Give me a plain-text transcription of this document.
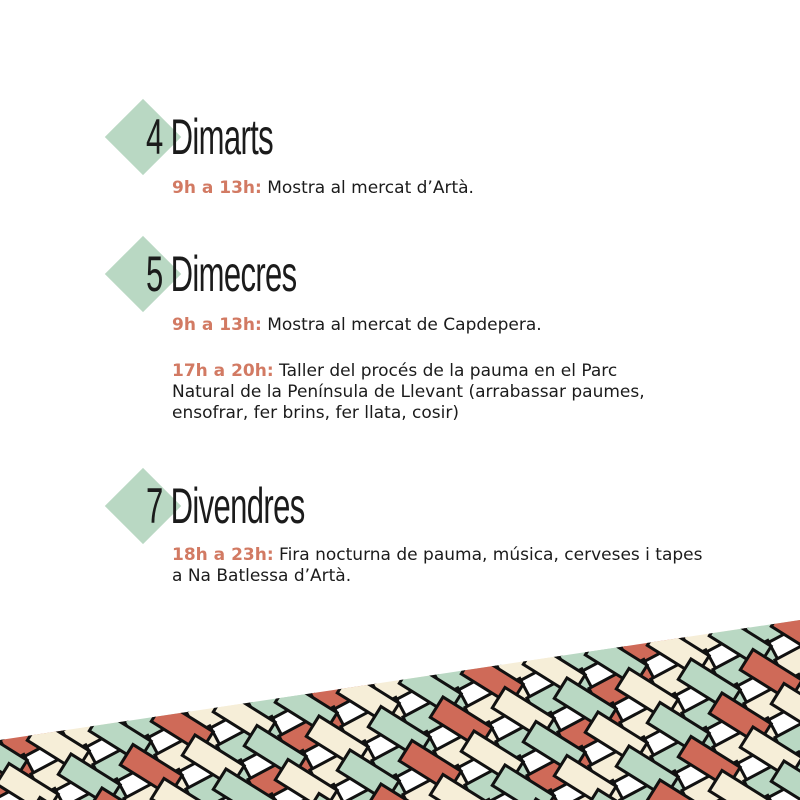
4 Dimarts
9h a 13h: Mostra al mercat d’Artà.
5 Dimecres
9h a 13h: Mostra al mercat de Capdepera.
17h a 20h: Taller del procés de la pauma en el Parc Natural de la Península de Llevant (arrabassar paumes, ensofrar, fer brins, fer llata, cosir)
7 Divendres
18h a 23h: Fira nocturna de pauma, música, cerveses i tapes a Na Batlessa d’Artà.
